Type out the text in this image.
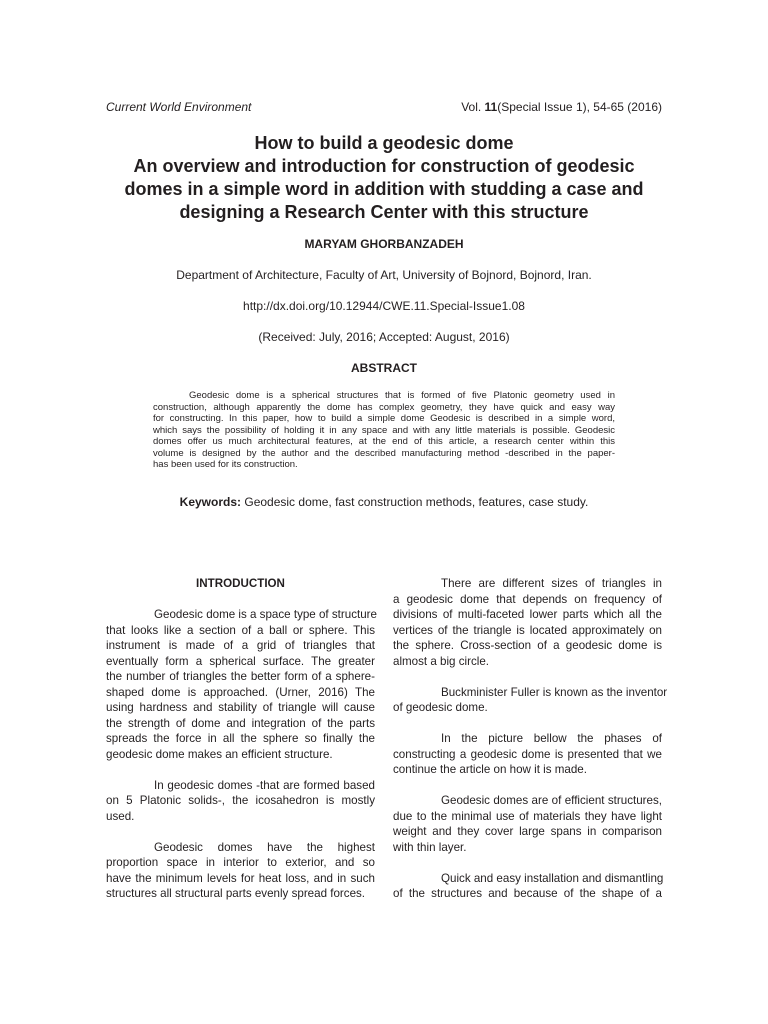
Current World Environment	Vol. 11(Special Issue 1), 54-65 (2016)
How to build a geodesic dome
An overview and introduction for construction of geodesic
domes in a simple word in addition with studding a case and
designing a Research Center with this structure
MARYAM GHORBANZADEH
Department of Architecture, Faculty of Art, University of Bojnord, Bojnord, Iran.
http://dx.doi.org/10.12944/CWE.11.Special-Issue1.08
(Received: July, 2016; Accepted: August, 2016)
ABSTRACT
Geodesic dome is a spherical structures that is formed of five Platonic geometry used in
construction, although apparently the dome has complex geometry, they have quick and easy way
for constructing. In this paper, how to build a simple dome Geodesic is described in a simple word,
which says the possibility of holding it in any space and with any little materials is possible. Geodesic
domes offer us much architectural features, at the end of this article, a research center within this
volume is designed by the author and the described manufacturing method -described in the paper-
has been used for its construction.
Keywords: Geodesic dome, fast construction methods, features, case study.
INTRODUCTION
Geodesic dome is a space type of structure
that looks like a section of a ball or sphere. This
instrument is made of a grid of triangles that
eventually form a spherical surface. The greater
the number of triangles the better form of a sphere-
shaped dome is approached. (Urner, 2016) The
using hardness and stability of triangle will cause
the strength of dome and integration of the parts
spreads the force in all the sphere so finally the
geodesic dome makes an efficient structure.
In geodesic domes -that are formed based
on 5 Platonic solids-, the icosahedron is mostly
used.
Geodesic domes have the highest
proportion space in interior to exterior, and so
have the minimum levels for heat loss, and in such
structures all structural parts evenly spread forces.
There are different sizes of triangles in
a geodesic dome that depends on frequency of
divisions of multi-faceted lower parts which all the
vertices of the triangle is located approximately on
the sphere. Cross-section of a geodesic dome is
almost a big circle.
Buckminister Fuller is known as the inventor
of geodesic dome.
In the picture bellow the phases of
constructing a geodesic dome is presented that we
continue the article on how it is made.
Geodesic domes are of efficient structures,
due to the minimal use of materials they have light
weight and they cover large spans in comparison
with thin layer.
Quick and easy installation and dismantling
of the structures and because of the shape of a
